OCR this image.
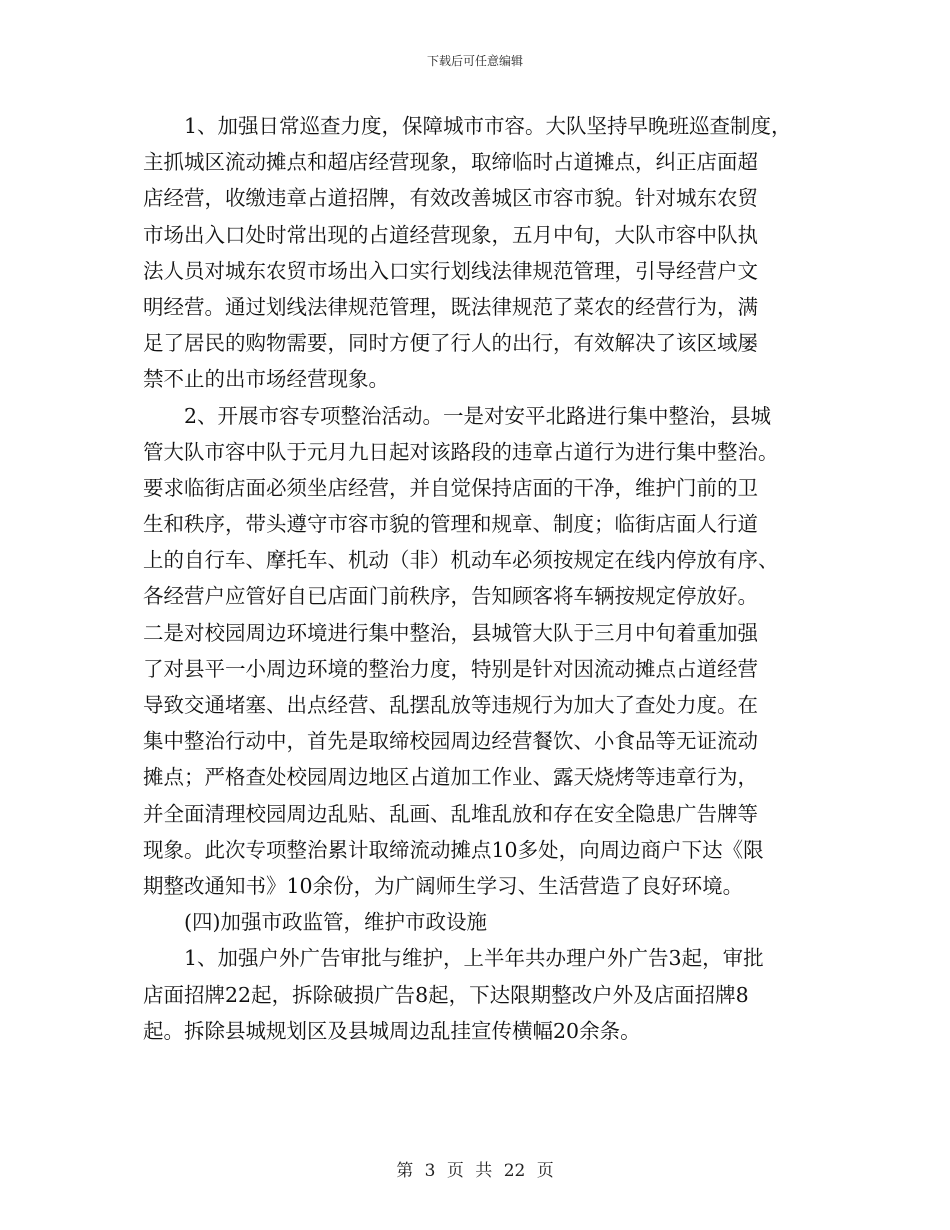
下载后可任意编辑
1、加强日常巡查力度，保障城市市容。大队坚持早晚班巡查制度，
主抓城区流动摊点和超店经营现象，取缔临时占道摊点，纠正店面超
店经营，收缴违章占道招牌，有效改善城区市容市貌。针对城东农贸
市场出入口处时常出现的占道经营现象，五月中旬，大队市容中队执
法人员对城东农贸市场出入口实行划线法律规范管理，引导经营户文
明经营。通过划线法律规范管理，既法律规范了菜农的经营行为，满
足了居民的购物需要，同时方便了行人的出行，有效解决了该区域屡
禁不止的出市场经营现象。
2、开展市容专项整治活动。一是对安平北路进行集中整治，县城
管大队市容中队于元月九日起对该路段的违章占道行为进行集中整治。
要求临街店面必须坐店经营，并自觉保持店面的干净，维护门前的卫
生和秩序，带头遵守市容市貌的管理和规章、制度；临街店面人行道
上的自行车、摩托车、机动（非）机动车必须按规定在线内停放有序、
各经营户应管好自已店面门前秩序，告知顾客将车辆按规定停放好。
二是对校园周边环境进行集中整治，县城管大队于三月中旬着重加强
了对县平一小周边环境的整治力度，特别是针对因流动摊点占道经营
导致交通堵塞、出点经营、乱摆乱放等违规行为加大了查处力度。在
集中整治行动中，首先是取缔校园周边经营餐饮、小食品等无证流动
摊点；严格查处校园周边地区占道加工作业、露天烧烤等违章行为，
并全面清理校园周边乱贴、乱画、乱堆乱放和存在安全隐患广告牌等
现象。此次专项整治累计取缔流动摊点10多处，向周边商户下达《限
期整改通知书》10余份，为广阔师生学习、生活营造了良好环境。
(四)加强市政监管，维护市政设施
1、加强户外广告审批与维护，上半年共办理户外广告3起，审批
店面招牌22起，拆除破损广告8起，下达限期整改户外及店面招牌8
起。拆除县城规划区及县城周边乱挂宣传横幅20余条。
第 3 页 共 22 页
